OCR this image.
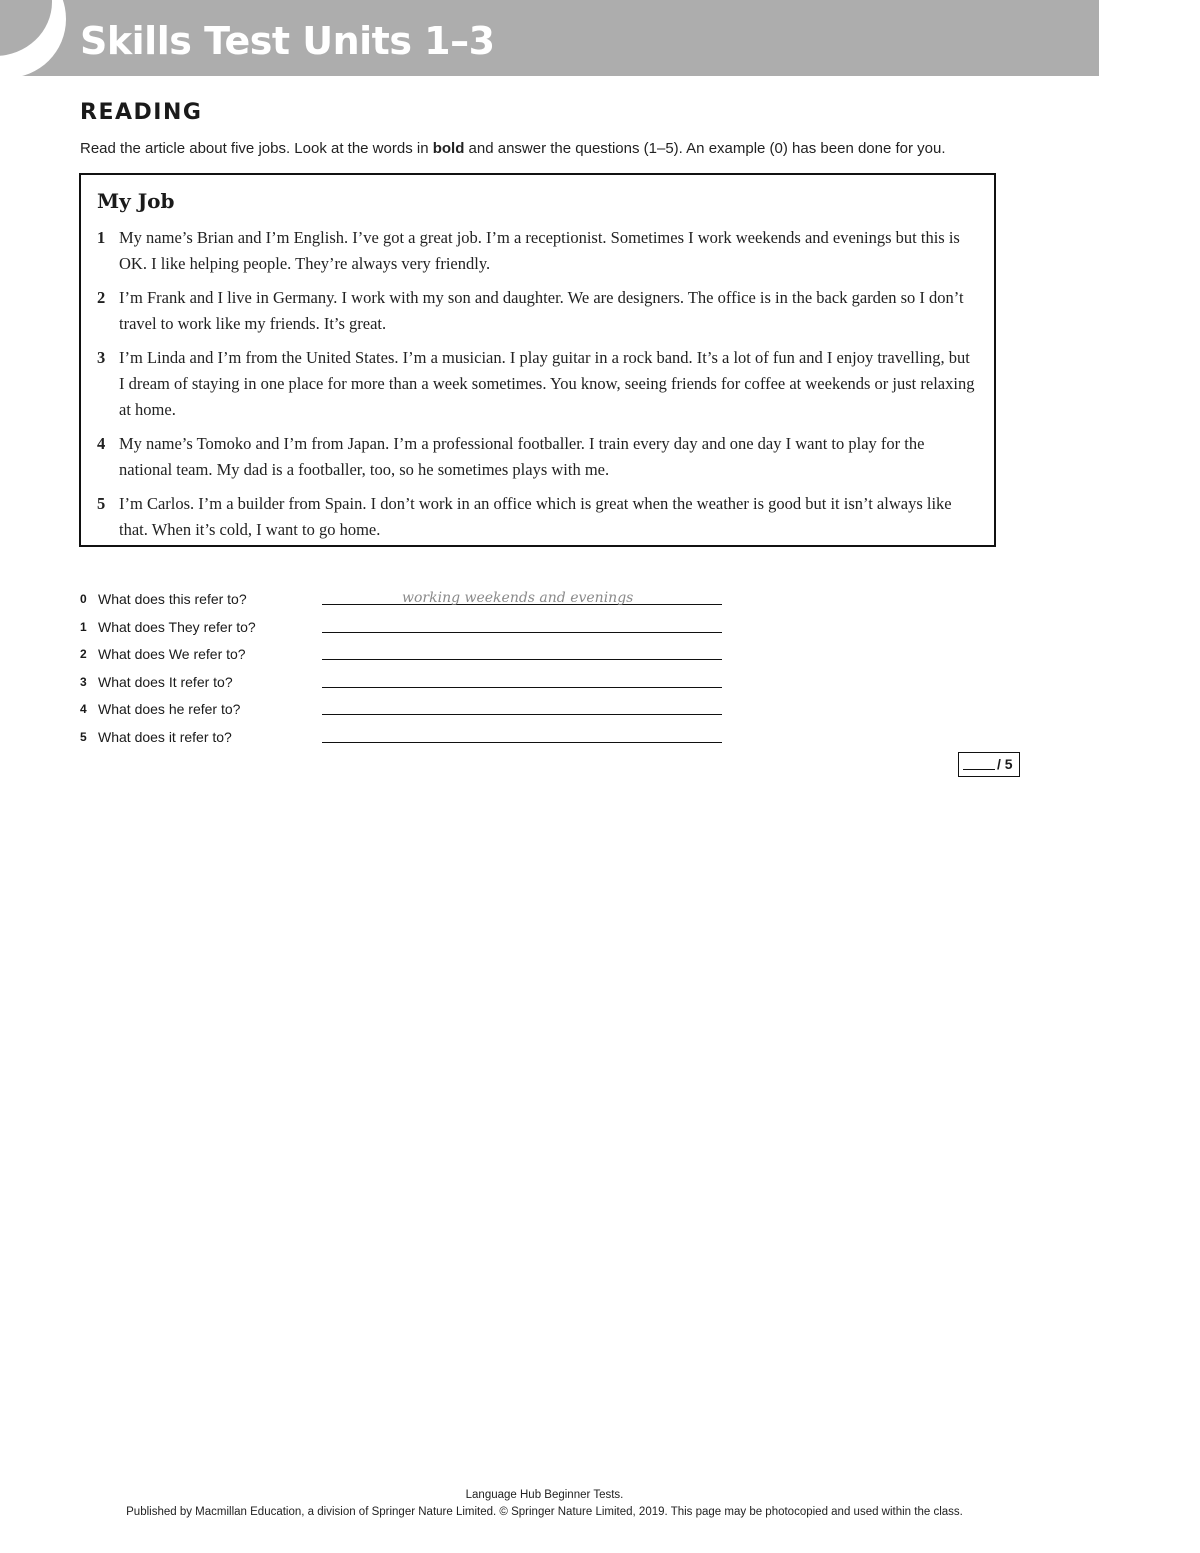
Skills Test Units 1–3
READING

Read the article about five jobs. Look at the words in bold and answer the questions (1–5). An example (0) has been done for you.

My Job
1 My name’s Brian and I’m English. I’ve got a great job. I’m a receptionist. Sometimes I work weekends and evenings but this is OK. I like helping people. They’re always very friendly.
2 I’m Frank and I live in Germany. I work with my son and daughter. We are designers. The office is in the back garden so I don’t travel to work like my friends. It’s great.
3 I’m Linda and I’m from the United States. I’m a musician. I play guitar in a rock band. It’s a lot of fun and I enjoy travelling, but I dream of staying in one place for more than a week sometimes. You know, seeing friends for coffee at weekends or just relaxing at home.
4 My name’s Tomoko and I’m from Japan. I’m a professional footballer. I train every day and one day I want to play for the national team. My dad is a footballer, too, so he sometimes plays with me.
5 I’m Carlos. I’m a builder from Spain. I don’t work in an office which is great when the weather is good but it isn’t always like that. When it’s cold, I want to go home.
0 What does this refer to?	working weekends and evenings
1 What does They refer to?
2 What does We refer to?
3 What does It refer to?
4 What does he refer to?
5 What does it refer to?
/ 5

Language Hub Beginner Tests.

Published by Macmillan Education, a division of Springer Nature Limited. © Springer Nature Limited, 2019. This page may be photocopied and used within the class.
